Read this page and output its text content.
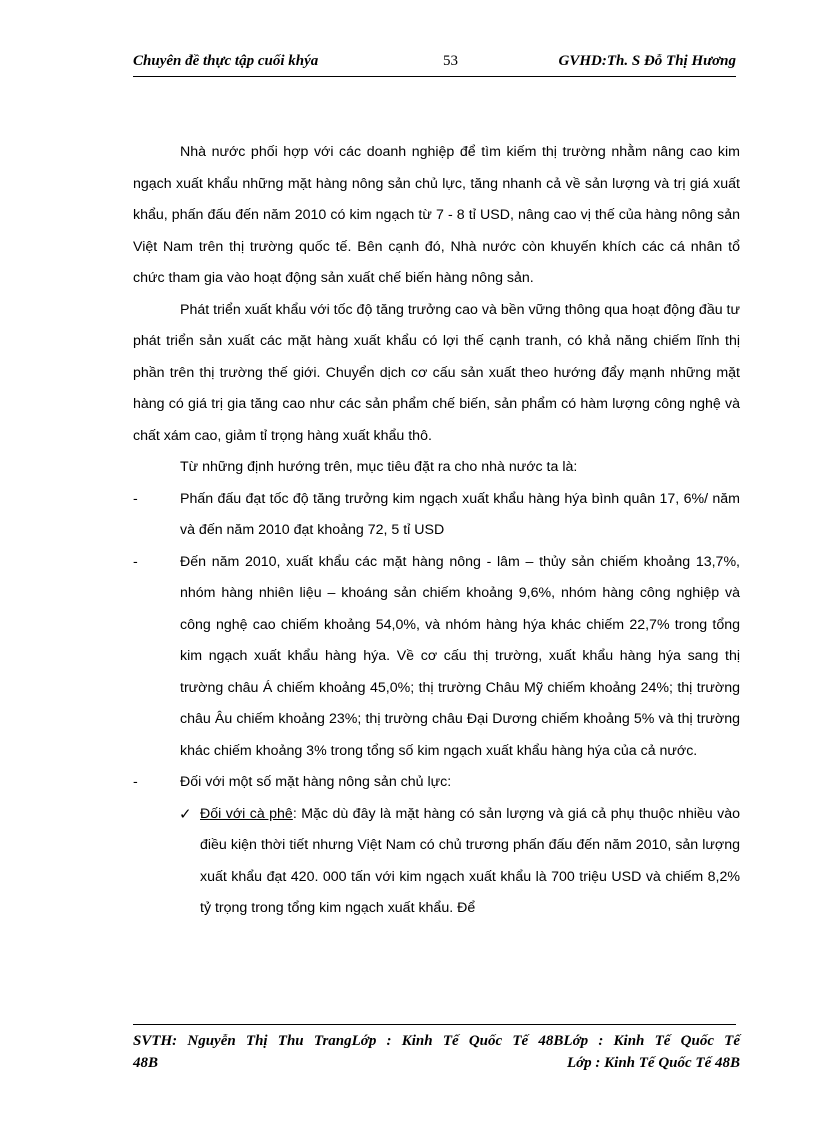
Chuyên đề thực tập cuối khýa	53	GVHD:Th. S Đỗ Thị Hương

Nhà nước phối hợp với các doanh nghiệp để tìm kiếm thị trường nhằm nâng cao kim ngạch xuất khẩu những mặt hàng nông sản chủ lực, tăng nhanh cả về sản lượng và trị giá xuất khẩu, phấn đấu đến năm 2010 có kim ngạch từ 7 - 8 tỉ USD, nâng cao vị thế của hàng nông sản Việt Nam trên thị trường quốc tế. Bên cạnh đó, Nhà nước còn khuyến khích các cá nhân tổ chức tham gia vào hoạt động sản xuất chế biến hàng nông sản.

Phát triển xuất khẩu với tốc độ tăng trưởng cao và bền vững thông qua hoạt động đầu tư phát triển sản xuất các mặt hàng xuất khẩu có lợi thế cạnh tranh, có khả năng chiếm lĩnh thị phần trên thị trường thế giới. Chuyển dịch cơ cấu sản xuất theo hướng đẩy mạnh những mặt hàng có giá trị gia tăng cao như các sản phẩm chế biến, sản phẩm có hàm lượng công nghệ và chất xám cao, giảm tỉ trọng hàng xuất khẩu thô.

Từ những định hướng trên, mục tiêu đặt ra cho nhà nước ta là:

-	Phấn đấu đạt tốc độ tăng trưởng kim ngạch xuất khẩu hàng hýa bình quân 17, 6%/ năm và đến năm 2010 đạt khoảng 72, 5 tỉ USD

-	Đến năm 2010, xuất khẩu các mặt hàng nông - lâm – thủy sản chiếm khoảng 13,7%, nhóm hàng nhiên liệu – khoáng sản chiếm khoảng 9,6%, nhóm hàng công nghiệp và công nghệ cao chiếm khoảng 54,0%, và nhóm hàng hýa khác chiếm 22,7% trong tổng kim ngạch xuất khẩu hàng hýa. Về cơ cấu thị trường, xuất khẩu hàng hýa sang thị trường châu Á chiếm khoảng 45,0%; thị trường Châu Mỹ chiếm khoảng 24%; thị trường châu Âu chiếm khoảng 23%; thị trường châu Đại Dương chiếm khoảng 5% và thị trường khác chiếm khoảng 3% trong tổng số kim ngạch xuất khẩu hàng hýa của cả nước.

-	Đối với một số mặt hàng nông sản chủ lực:

✓ Đối với cà phê: Mặc dù đây là mặt hàng có sản lượng và giá cả phụ thuộc nhiều vào điều kiện thời tiết nhưng Việt Nam có chủ trương phấn đấu đến năm 2010, sản lượng xuất khẩu đạt 420. 000 tấn với kim ngạch xuất khẩu là 700 triệu USD và chiếm 8,2% tỷ trọng trong tổng kim ngạch xuất khẩu. Để

SVTH: Nguyễn Thị Thu TrangLớp : Kinh Tế Quốc Tế 48BLớp : Kinh Tế Quốc Tế
48B	Lớp : Kinh Tế Quốc Tế 48B
